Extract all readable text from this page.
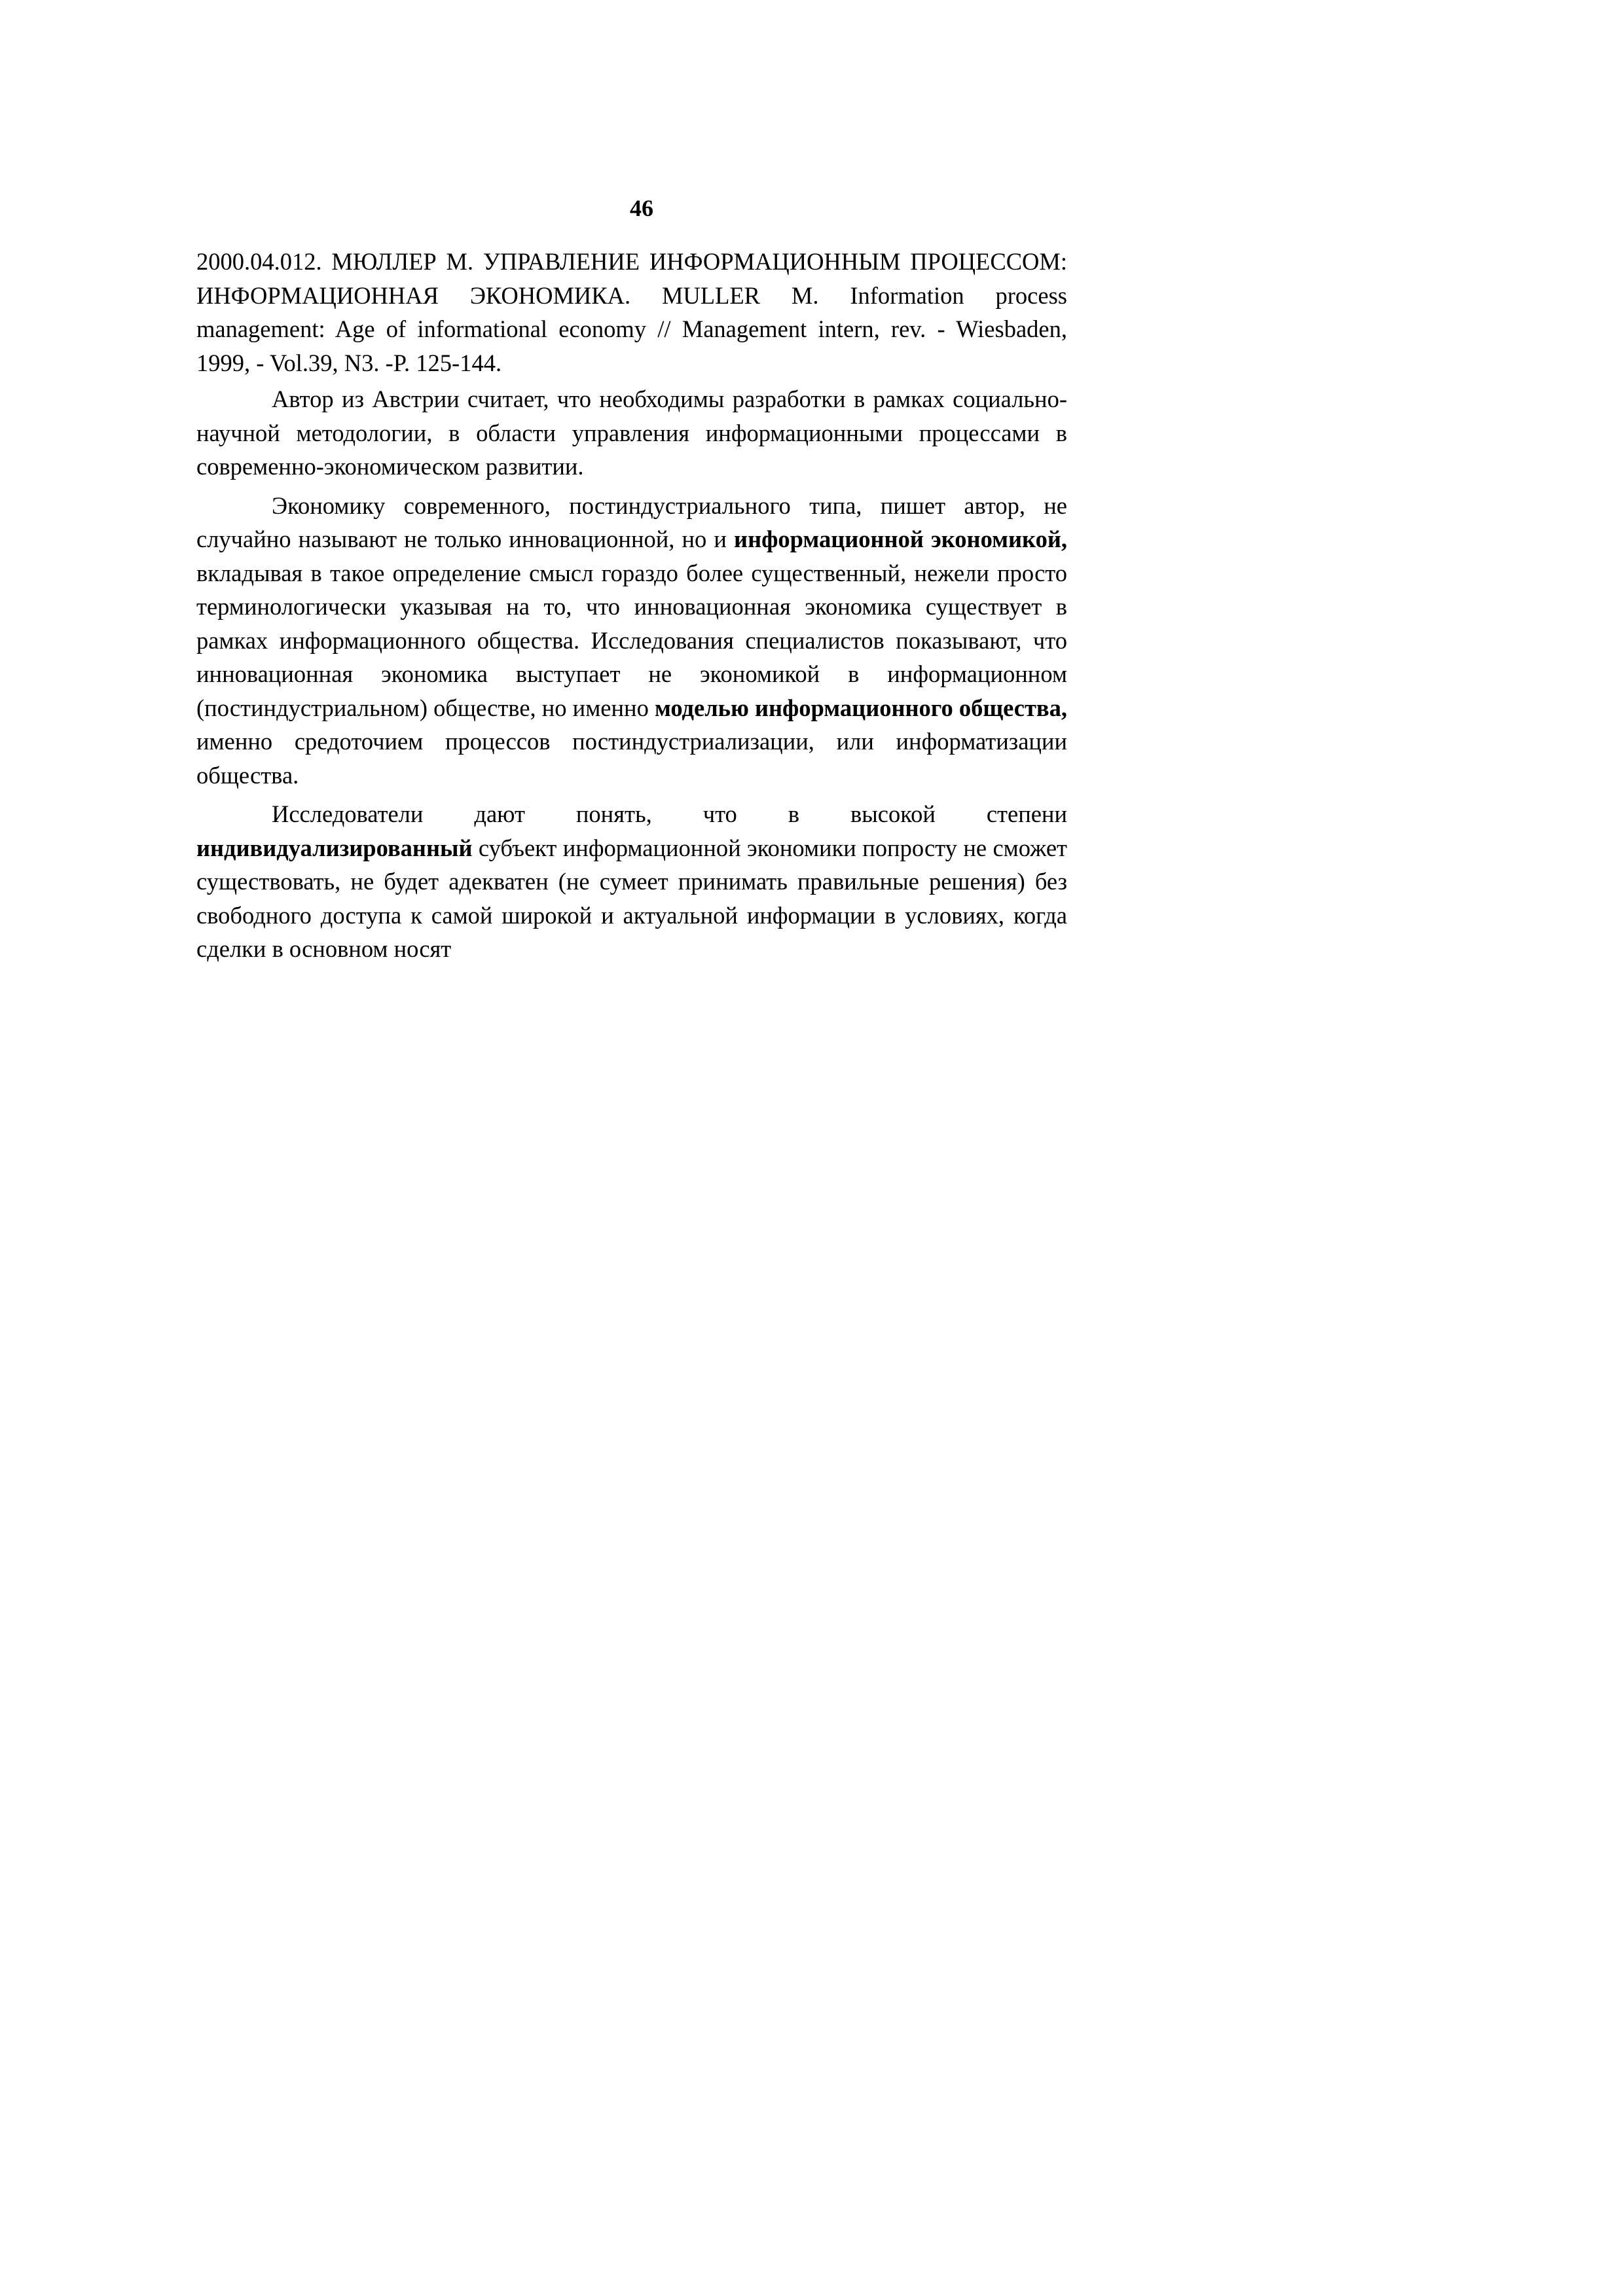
46

2000.04.012. МЮЛЛЕР М. УПРАВЛЕНИЕ ИНФОРМАЦИОННЫМ ПРОЦЕССОМ: ИНФОРМАЦИОННАЯ ЭКОНОМИКА. MULLER M. Information process management: Age of informational economy // Management intern, rev. - Wiesbaden, 1999, - Vol.39, N3. -P. 125-144.

Автор из Австрии считает, что необходимы разработки в рамках социально-научной методологии, в области управления информационными процессами в современно-экономическом развитии.

Экономику современного, постиндустриального типа, пишет автор, не случайно называют не только инновационной, но и информационной экономикой, вкладывая в такое определение смысл гораздо более существенный, нежели просто терминологически указывая на то, что инновационная экономика существует в рамках информационного общества. Исследования специалистов показывают, что инновационная экономика выступает не экономикой в информационном (постиндустриальном) обществе, но именно моделью информационного общества, именно средоточием процессов постиндустриализации, или информатизации общества.

Исследователи дают понять, что в высокой степени индивидуализированный субъект информационной экономики попросту не сможет существовать, не будет адекватен (не сумеет принимать правильные решения) без свободного доступа к самой широкой и актуальной информации в условиях, когда сделки в основном носят
